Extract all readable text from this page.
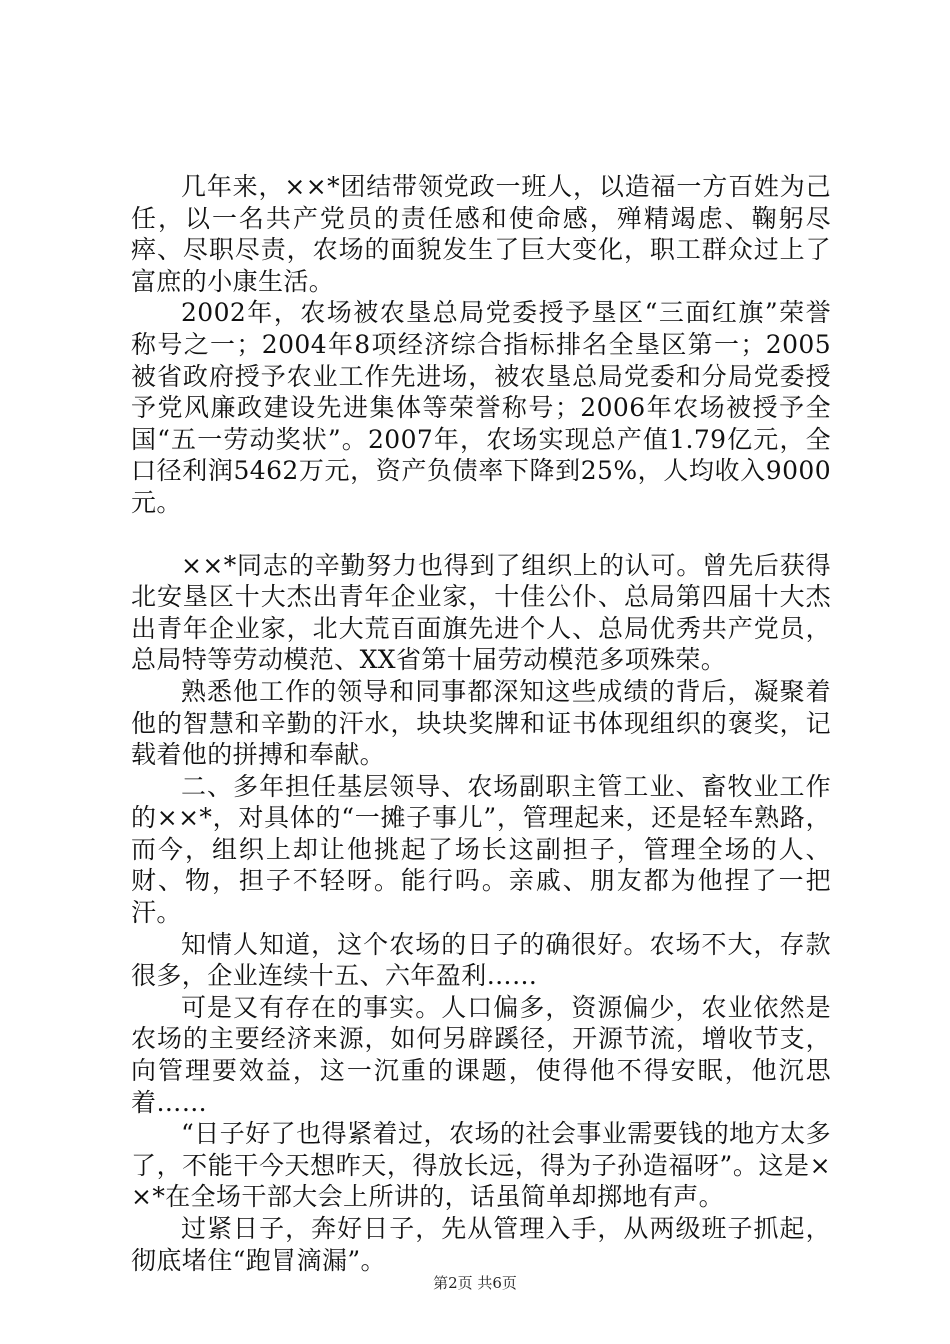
几年来，××*团结带领党政一班人，以造福一方百姓为己任，以一名共产党员的责任感和使命感，殚精竭虑、鞠躬尽瘁、尽职尽责，农场的面貌发生了巨大变化，职工群众过上了富庶的小康生活。

2002年，农场被农垦总局党委授予垦区“三面红旗”荣誉称号之一；2004年8项经济综合指标排名全垦区第一；2005被省政府授予农业工作先进场，被农垦总局党委和分局党委授予党风廉政建设先进集体等荣誉称号；2006年农场被授予全国“五一劳动奖状”。2007年，农场实现总产值1.79亿元，全口径利润5462万元，资产负债率下降到25%，人均收入9000元。

××*同志的辛勤努力也得到了组织上的认可。曾先后获得北安垦区十大杰出青年企业家，十佳公仆、总局第四届十大杰出青年企业家，北大荒百面旗先进个人、总局优秀共产党员，总局特等劳动模范、XX省第十届劳动模范多项殊荣。

熟悉他工作的领导和同事都深知这些成绩的背后，凝聚着他的智慧和辛勤的汗水，块块奖牌和证书体现组织的褒奖，记载着他的拼搏和奉献。

二、多年担任基层领导、农场副职主管工业、畜牧业工作的××*，对具体的“一摊子事儿”，管理起来，还是轻车熟路，而今，组织上却让他挑起了场长这副担子，管理全场的人、财、物，担子不轻呀。能行吗。亲戚、朋友都为他捏了一把汗。

知情人知道，这个农场的日子的确很好。农场不大，存款很多，企业连续十五、六年盈利……

可是又有存在的事实。人口偏多，资源偏少，农业依然是农场的主要经济来源，如何另辟蹊径，开源节流，增收节支，向管理要效益，这一沉重的课题，使得他不得安眠，他沉思着……

“日子好了也得紧着过，农场的社会事业需要钱的地方太多了，不能干今天想昨天，得放长远，得为子孙造福呀”。这是××*在全场干部大会上所讲的，话虽简单却掷地有声。

过紧日子，奔好日子，先从管理入手，从两级班子抓起，彻底堵住“跑冒滴漏”。

第2页 共6页
